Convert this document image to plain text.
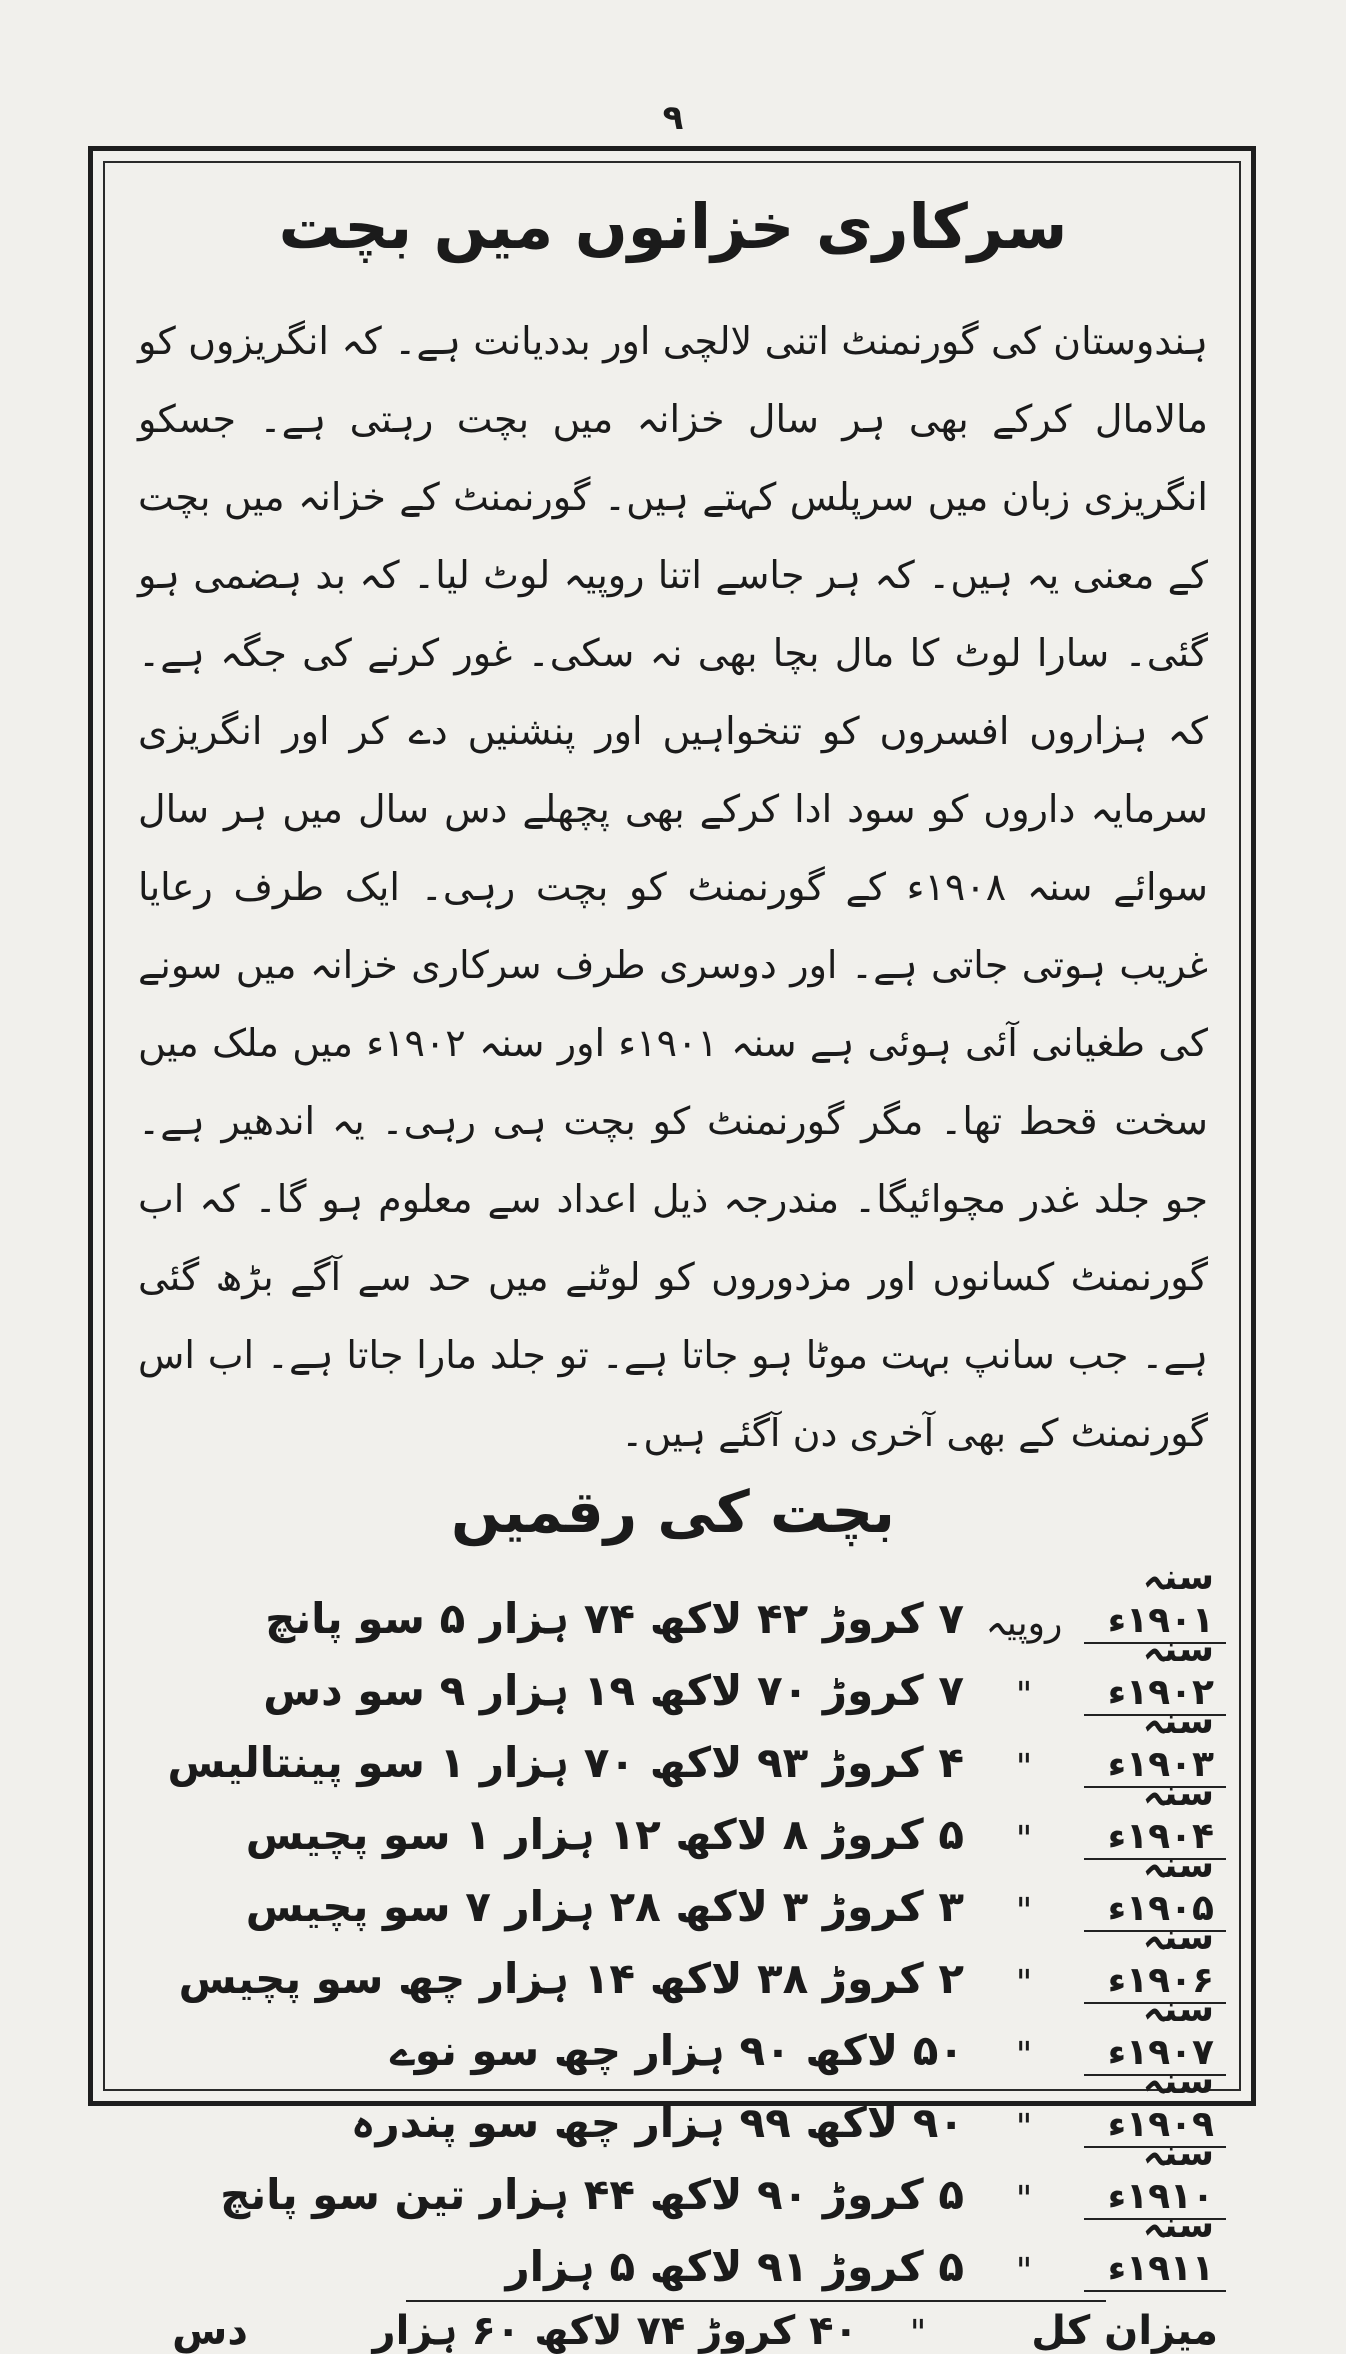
۹
سرکاری خزانوں میں بچت
ہندوستان کی گورنمنٹ اتنی لالچی اور بددیانت ہے۔ کہ انگریزوں کو مالامال کرکے بھی ہر سال خزانہ میں بچت رہتی ہے۔ جسکو انگریزی زبان میں سرپلس کہتے ہیں۔ گورنمنٹ کے خزانہ میں بچت کے معنی یہ ہیں۔ کہ ہر جاسے اتنا روپیہ لوٹ لیا۔ کہ بد ہضمی ہو گئی۔ سارا لوٹ کا مال بچا بھی نہ سکی۔ غور کرنے کی جگہ ہے۔ کہ ہزاروں افسروں کو تنخواہیں اور پنشنیں دے کر اور انگریزی سرمایہ داروں کو سود ادا کرکے بھی پچھلے دس سال میں ہر سال سوائے سنہ ۱۹۰۸ء کے گورنمنٹ کو بچت رہی۔ ایک طرف رعایا غریب ہوتی جاتی ہے۔ اور دوسری طرف سرکاری خزانہ میں سونے کی طغیانی آئی ہوئی ہے سنہ ۱۹۰۱ء اور سنہ ۱۹۰۲ء میں ملک میں سخت قحط تھا۔ مگر گورنمنٹ کو بچت ہی رہی۔ یہ اندھیر ہے۔ جو جلد غدر مچوائیگا۔ مندرجہ ذیل اعداد سے معلوم ہو گا۔ کہ اب گورنمنٹ کسانوں اور مزدوروں کو لوٹنے میں حد سے آگے بڑھ گئی ہے۔ جب سانپ بہت موٹا ہو جاتا ہے۔ تو جلد مارا جاتا ہے۔ اب اس گورنمنٹ کے بھی آخری دن آگئے ہیں۔
بچت کی رقمیں
سنہ ۱۹۰۱ء
روپیہ
۷ کروڑ ۴۲ لاکھ ۷۴ ہزار ۵ سو پانچ
سنہ ۱۹۰۲ء
"
۷ کروڑ ۷۰ لاکھ ۱۹ ہزار ۹ سو دس
سنہ ۱۹۰۳ء
"
۴ کروڑ ۹۳ لاکھ ۷۰ ہزار ۱ سو پینتالیس
سنہ ۱۹۰۴ء
"
۵ کروڑ ۸ لاکھ ۱۲ ہزار ۱ سو پچیس
سنہ ۱۹۰۵ء
"
۳ کروڑ ۳ لاکھ ۲۸ ہزار ۷ سو پچیس
سنہ ۱۹۰۶ء
"
۲ کروڑ ۳۸ لاکھ ۱۴ ہزار چھ سو پچیس
سنہ ۱۹۰۷ء
"
۵۰ لاکھ ۹۰ ہزار چھ سو نوے
سنہ ۱۹۰۹ء
"
۹۰ لاکھ ۹۹ ہزار چھ سو پندرہ
سنہ ۱۹۱۰ء
"
۵ کروڑ ۹۰ لاکھ ۴۴ ہزار تین سو پانچ
سنہ ۱۹۱۱ء
"
۵ کروڑ ۹۱ لاکھ ۵ ہزار
میزان کل
"
۴۰ کروڑ ۷۴ لاکھ ۶۰ ہزار
دس
